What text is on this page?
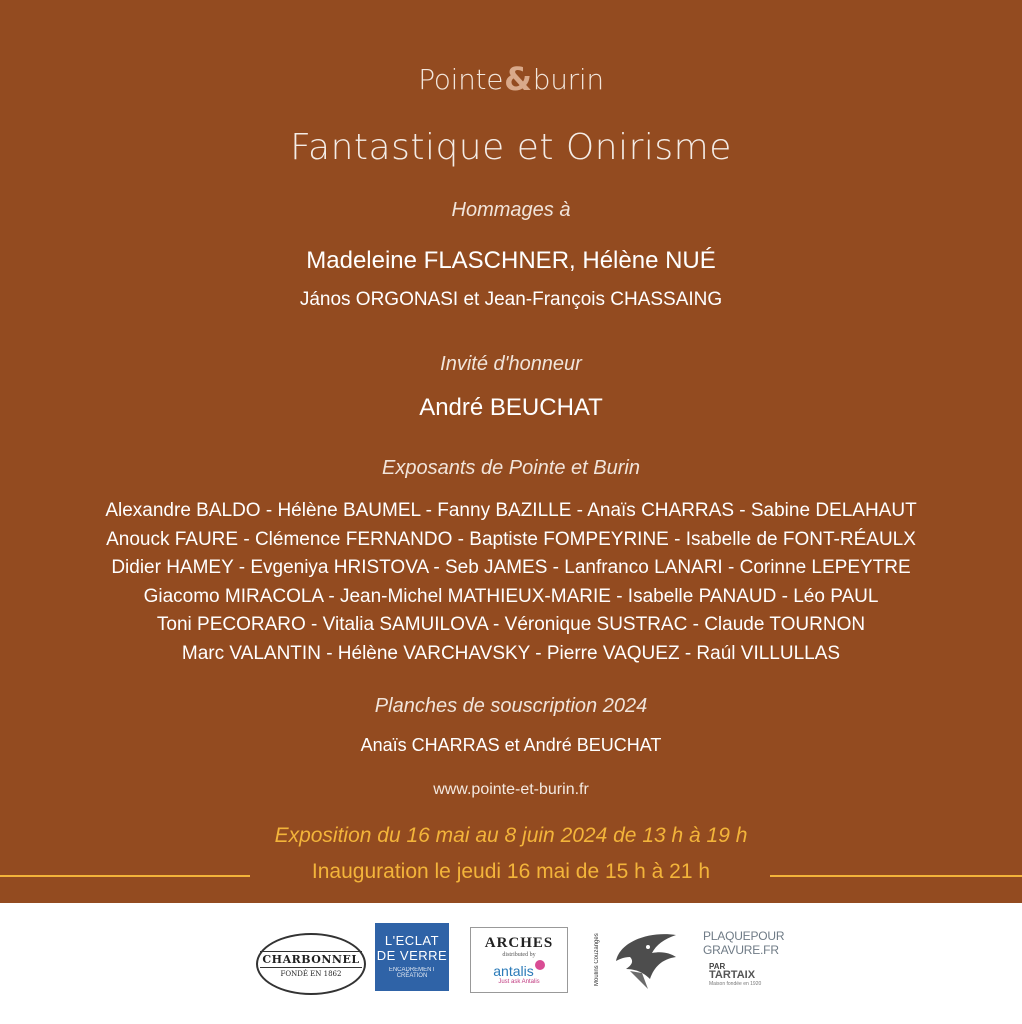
Pointe&burin
Fantastique et Onirisme
Hommages à
Madeleine FLASCHNER, Hélène NUÉ
János ORGONASI et Jean-François CHASSAING
Invité d'honneur
André BEUCHAT
Exposants de Pointe et Burin
Alexandre BALDO - Hélène BAUMEL - Fanny BAZILLE - Anaïs CHARRAS - Sabine DELAHAUT
Anouck FAURE - Clémence FERNANDO - Baptiste FOMPEYRINE - Isabelle de FONT-RÉAULX
Didier HAMEY - Evgeniya HRISTOVA - Seb JAMES - Lanfranco LANARI - Corinne LEPEYTRE
Giacomo MIRACOLA - Jean-Michel MATHIEUX-MARIE - Isabelle PANAUD - Léo PAUL
Toni PECORARO - Vitalia SAMUILOVA - Véronique SUSTRAC - Claude TOURNON
Marc VALANTIN - Hélène VARCHAVSKY - Pierre VAQUEZ - Raúl VILLULLAS
Planches de souscription 2024
Anaïs CHARRAS et André BEUCHAT
www.pointe-et-burin.fr
Exposition du 16 mai au 8 juin 2024 de 13 h à 19 h
Inauguration le jeudi 16 mai de 15 h à 21 h
CHARBONNEL
FONDÉ EN 1862
L'ECLAT
DE VERRE
ENCADREMENT CRÉATION
ARCHES
distributed by
antalis
Just ask Antalis	Moulins Couzanges	PLAQUEPOUR
GRAVURE.FR
PAR
TARTAIX
Maison fondée en 1920
